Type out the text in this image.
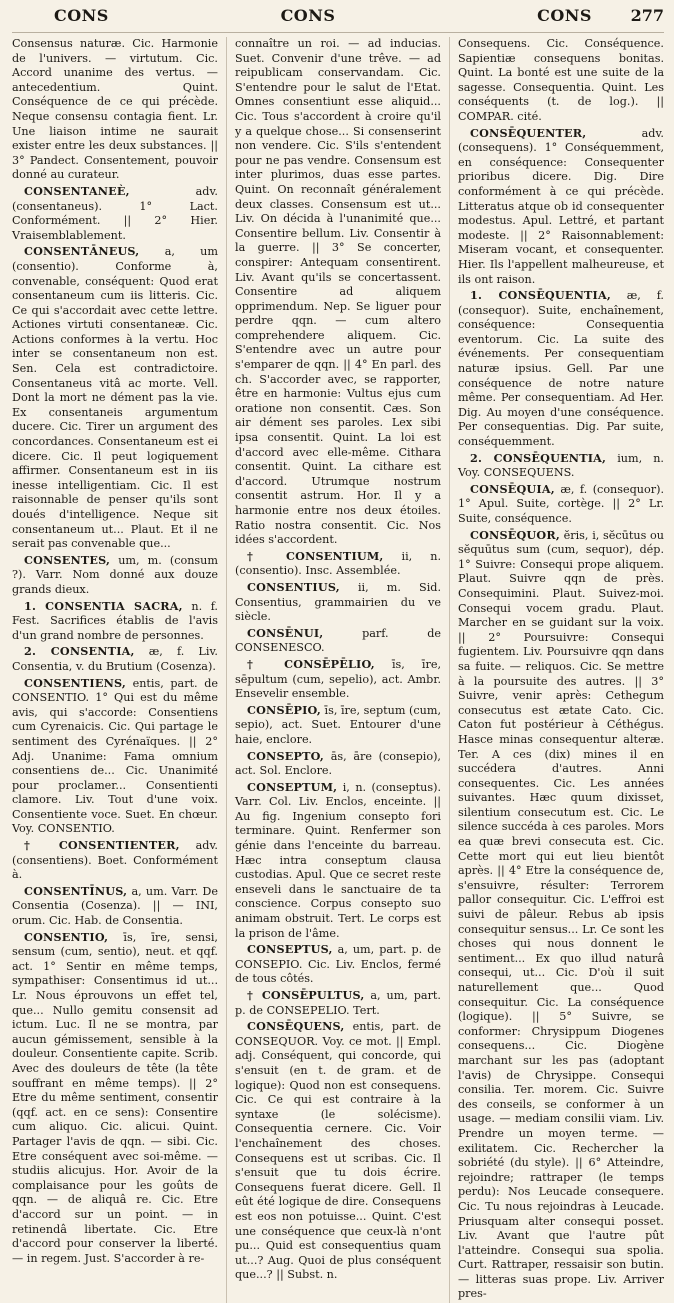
CONS	CONS	CONS	277

Consensus naturæ. Cic. Harmonie de l'univers. — virtutum. Cic. Accord unanime des vertus. — antecedentium. Quint. Conséquence de ce qui précède. Neque consensu contagia fient. Lr. Une liaison intime ne saurait exister entre les deux substances. || 3° Pandect. Consentement, pouvoir donné au curateur.

CONSENTANEÈ,	adv. (consentaneus). 1° Lact. Conformément. || 2° Hier. Vraisemblablement.

CONSENTĀNEUS, a, um (consentio). Conforme à, convenable, conséquent: Quod erat consentaneum cum iis litteris. Cic. Ce qui s'accordait avec cette lettre. Actiones virtuti consentaneæ. Cic. Actions conformes à la vertu. Hoc inter se consentaneum non est. Sen. Cela est contradictoire. Consentaneus vitâ ac morte. Vell. Dont la mort ne dément pas la vie. Ex consentaneis argumentum ducere. Cic. Tirer un argument des concordances. Consentaneum est ei dicere. Cic. Il peut logiquement affirmer. Consentaneum est in iis inesse intelligentiam. Cic. Il est raisonnable de penser qu'ils sont doués d'intelligence. Neque sit consentaneum ut... Plaut. Et il ne serait pas convenable que...

CONSENTES, um, m. (consum ?). Varr. Nom donné aux douze grands dieux.

1. CONSENTIA SACRA, n. f. Fest. Sacrifices établis de l'avis d'un grand nombre de personnes.

2. CONSENTIA, æ, f. Liv. Consentia, v. du Brutium (Cosenza).

CONSENTIENS, entis, part. de CONSENTIO. 1° Qui est du même avis, qui s'accorde: Consentiens cum Cyrenaicis. Cic. Qui partage le sentiment des Cyrénaïques. || 2° Adj. Unanime: Fama omnium consentiens de... Cic. Unanimité pour proclamer... Consentienti clamore. Liv. Tout d'une voix. Consentiente voce. Suet. En chœur. Voy. CONSENTIO.

† CONSENTIENTER, adv. (consentiens). Boet. Conformément à.

CONSENTĪNUS, a, um. Varr. De Consentia (Cosenza). || — INI, orum. Cic. Hab. de Consentia.

CONSENTIO, īs, īre, sensi, sensum (cum, sentio), neut. et qqf. act. 1° Sentir en même temps, sympathiser: Consentimus id ut... Lr. Nous éprouvons un effet tel, que... Nullo gemitu consensit ad ictum. Luc. Il ne se montra, par aucun gémissement, sensible à la douleur. Consentiente capite. Scrib. Avec des douleurs de tête (la tête souffrant en même temps). || 2° Etre du même sentiment, consentir (qqf. act. en ce sens): Consentire cum aliquo. Cic. alicui. Quint. Partager l'avis de qqn. — sibi. Cic. Etre conséquent avec soi-même. — studiis alicujus. Hor. Avoir de la complaisance pour les goûts de qqn. — de aliquâ re. Cic. Etre d'accord sur un point. — in retinendâ libertate. Cic. Etre d'accord pour conserver la liberté. — in regem. Just. S'accorder à re-

connaître un roi. — ad inducias. Suet. Convenir d'une trêve. — ad reipublicam conservandam. Cic. S'entendre pour le salut de l'Etat. Omnes consentiunt esse aliquid... Cic. Tous s'accordent à croire qu'il y a quelque chose... Si consenserint non vendere. Cic. S'ils s'entendent pour ne pas vendre. Consensum est inter plurimos, duas esse partes. Quint. On reconnaît généralement deux classes. Consensum est ut... Liv. On décida à l'unanimité que... Consentire bellum. Liv. Consentir à la guerre. || 3° Se concerter, conspirer: Antequam consentirent. Liv. Avant qu'ils se concertassent. Consentire ad aliquem opprimendum. Nep. Se liguer pour perdre qqn. — cum altero comprehendere aliquem. Cic. S'entendre avec un autre pour s'emparer de qqn. || 4° En parl. des ch. S'accorder avec, se rapporter, être en harmonie: Vultus ejus cum oratione non consentit. Cæs. Son air dément ses paroles. Lex sibi ipsa consentit. Quint. La loi est d'accord avec elle-même. Cithara consentit. Quint. La cithare est d'accord. Utrumque nostrum consentit astrum. Hor. Il y a harmonie entre nos deux étoiles. Ratio nostra consentit. Cic. Nos idées s'accordent.

† CONSENTIUM, ii, n. (consentio). Insc. Assemblée.

CONSENTIUS, ii, m. Sid. Consentius, grammairien du ve siècle.

CONSĒNUI,	parf. de CONSENESCO.

† CONSĒPĒLIO, īs, īre, sēpultum (cum, sepelio), act. Ambr. Ensevelir ensemble.

CONSĒPIO, īs, īre, septum (cum, sepio), act. Suet. Entourer d'une haie, enclore.

CONSEPTO, ās, āre (consepio), act. Sol. Enclore.

CONSEPTUM, i, n. (conseptus). Varr. Col. Liv. Enclos, enceinte. || Au fig. Ingenium consepto fori terminare. Quint. Renfermer son génie dans l'enceinte du barreau. Hæc intra conseptum clausa custodias. Apul. Que ce secret reste enseveli dans le sanctuaire de ta conscience. Corpus consepto suo animam obstruit. Tert. Le corps est la prison de l'âme.

CONSEPTUS, a, um, part. p. de CONSEPIO. Cic. Liv. Enclos, fermé de tous côtés.

† CONSĒPULTUS, a, um, part. p. de CONSEPELIO. Tert.

CONSĒQUENS, entis, part. de CONSEQUOR. Voy. ce mot. || Empl. adj. Conséquent, qui concorde, qui s'ensuit (en t. de gram. et de logique): Quod non est consequens. Cic. Ce qui est contraire à la syntaxe (le solécisme). Consequentia cernere. Cic. Voir l'enchaînement des choses. Consequens est ut scribas. Cic. Il s'ensuit que tu dois écrire. Consequens fuerat dicere. Gell. Il eût été logique de dire. Consequens est eos non potuisse... Quint. C'est une conséquence que ceux-là n'ont pu... Quid est consequentius quam ut...? Aug. Quoi de plus conséquent que...? || Subst. n.

Consequens. Cic. Conséquence. Sapientiæ consequens bonitas. Quint. La bonté est une suite de la sagesse. Consequentia. Quint. Les conséquents (t. de log.). || COMPAR. cité.

CONSĒQUENTER,	adv. (consequens). 1° Conséquemment, en conséquence: Consequenter prioribus dicere. Dig. Dire conformément à ce qui précède. Litteratus atque ob id consequenter modestus. Apul. Lettré, et partant modeste. || 2° Raisonnablement: Miseram vocant, et consequenter. Hier. Ils l'appellent malheureuse, et ils ont raison.

1. CONSĒQUENTIA, æ, f. (consequor). Suite, enchaînement, conséquence: Consequentia eventorum. Cic. La suite des événements. Per consequentiam naturæ ipsius. Gell. Par une conséquence de notre nature même. Per consequentiam. Ad Her. Dig. Au moyen d'une conséquence. Per consequentias. Dig. Par suite, conséquemment.

2. CONSĒQUENTIA, ium, n. Voy. CONSEQUENS.

CONSĒQUIA, æ, f. (consequor). 1° Apul. Suite, cortège. || 2° Lr. Suite, conséquence.

CONSĒQUOR, ĕris, i, sĕcūtus ou sĕquūtus sum (cum, sequor), dép. 1° Suivre: Consequi prope aliquem. Plaut. Suivre qqn de près. Consequimini. Plaut. Suivez-moi. Consequi vocem gradu. Plaut. Marcher en se guidant sur la voix. || 2° Poursuivre: Consequi fugientem. Liv. Poursuivre qqn dans sa fuite. — reliquos. Cic. Se mettre à la poursuite des autres. || 3° Suivre, venir après: Cethegum consecutus est ætate Cato. Cic. Caton fut postérieur à Céthégus. Hasce minas consequentur alteræ. Ter. A ces (dix) mines il en succédera d'autres. Anni consequentes. Cic. Les années suivantes. Hæc quum dixisset, silentium consecutum est. Cic. Le silence succéda à ces paroles. Mors ea quæ brevi consecuta est. Cic. Cette mort qui eut lieu bientôt après. || 4° Etre la conséquence de, s'ensuivre, résulter: Terrorem pallor consequitur. Cic. L'effroi est suivi de pâleur. Rebus ab ipsis consequitur sensus... Lr. Ce sont les choses qui nous donnent le sentiment... Ex quo illud naturâ consequi, ut... Cic. D'où il suit naturellement que... Quod consequitur. Cic. La conséquence (logique). || 5° Suivre, se conformer: Chrysippum Diogenes consequens... Cic. Diogène marchant sur les pas (adoptant l'avis) de Chrysippe. Consequi consilia. Ter. morem. Cic. Suivre des conseils, se conformer à un usage. — mediam consilii viam. Liv. Prendre un moyen terme. — exilitatem. Cic. Rechercher la sobriété (du style). || 6° Atteindre, rejoindre; rattraper (le temps perdu): Nos Leucade consequere. Cic. Tu nous rejoindras à Leucade. Priusquam alter consequi posset. Liv. Avant que l'autre pût l'atteindre. Consequi sua spolia. Curt. Rattraper, ressaisir son butin. — litteras suas prope. Liv. Arriver pres-
